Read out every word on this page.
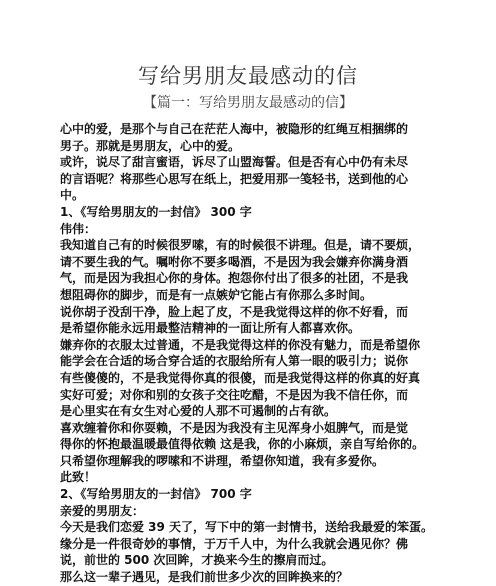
写给男朋友最感动的信
【篇一：写给男朋友最感动的信】
心中的爱，是那个与自己在茫茫人海中，被隐形的红绳互相捆绑的
男子。那就是男朋友，心中的爱。
或许，说尽了甜言蜜语，诉尽了山盟海誓。但是否有心中仍有未尽
的言语呢？将那些心思写在纸上，把爱用那一笺轻书，送到他的心
中。
1、《写给男朋友的一封信》 300 字
伟伟：
我知道自己有的时候很罗嗦，有的时候很不讲理。但是，请不要烦，
请不要生我的气。嘱咐你不要多喝酒，不是因为我会嫌弃你满身酒
气，而是因为我担心你的身体。抱怨你付出了很多的社团，不是我
想阻碍你的脚步，而是有一点嫉妒它能占有你那么多时间。
说你胡子没刮干净，脸上起了皮，不是我觉得这样的你不好看，而
是希望你能永远用最整洁精神的一面让所有人都喜欢你。
嫌弃你的衣服太过普通，不是我觉得这样的你没有魅力，而是希望你
能学会在合适的场合穿合适的衣服给所有人第一眼的吸引力；说你
有些傻傻的，不是我觉得你真的很傻，而是我觉得这样的你真的好真
实好可爱；对你和别的女孩子交往吃醋，不是因为我不信任你，而
是心里实在有女生对心爱的人那不可遏制的占有欲。
喜欢缠着你和你耍赖，不是因为我没有主见浑身小姐脾气，而是觉
得你的怀抱最温暖最值得依赖 这是我，你的小麻烦，亲自写给你的。
只希望你理解我的啰嗦和不讲理，希望你知道，我有多爱你。
此致！
2、《写给男朋友的一封信》 700 字
亲爱的男朋友：
今天是我们恋爱 39 天了，写下中的第一封情书，送给我最爱的笨蛋。
缘分是一件很奇妙的事情，于万千人中，为什么我就会遇见你？佛
说，前世的 500 次回眸，才换来今生的擦肩而过。
那么这一辈子遇见，是我们前世多少次的回眸换来的？
